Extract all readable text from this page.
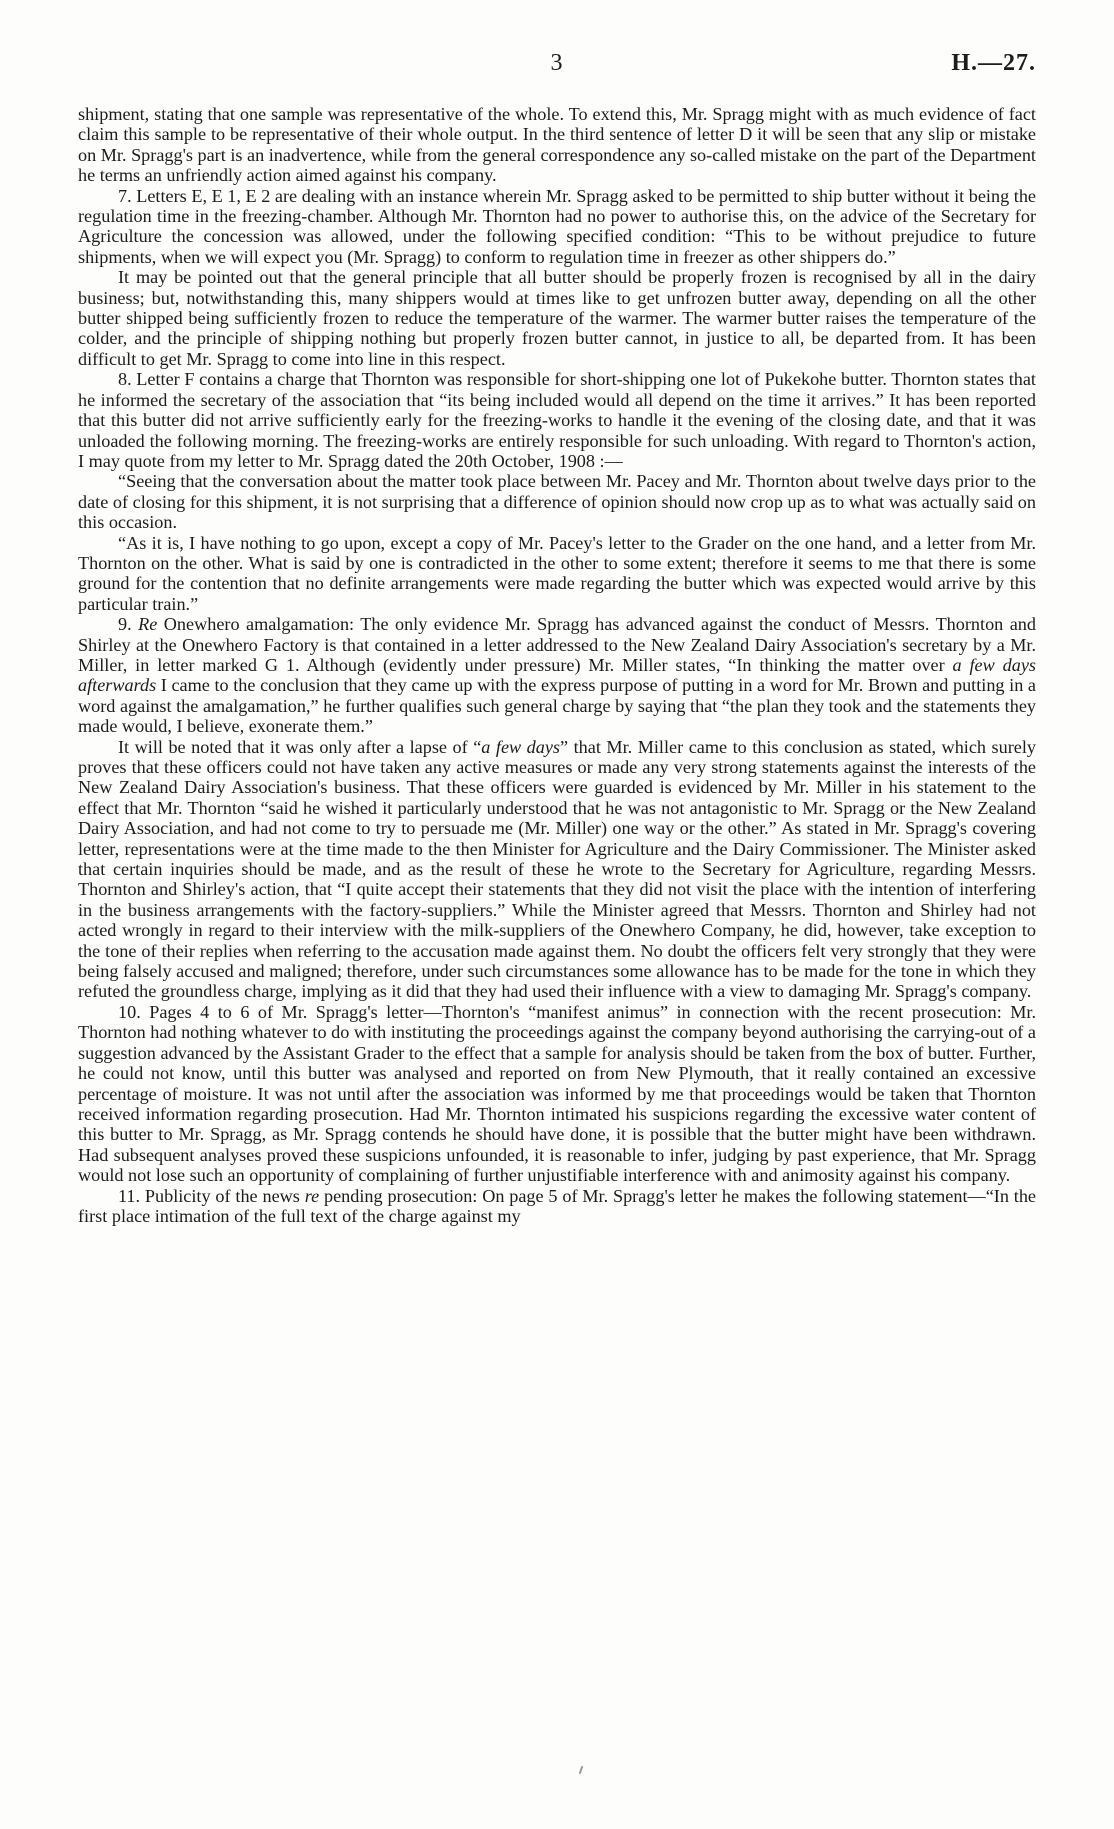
3	H.—27.

shipment, stating that one sample was representative of the whole. To extend this, Mr. Spragg might with as much evidence of fact claim this sample to be representative of their whole output. In the third sentence of letter D it will be seen that any slip or mistake on Mr. Spragg's part is an inadvertence, while from the general correspondence any so-called mistake on the part of the Department he terms an unfriendly action aimed against his company.

7. Letters E, E 1, E 2 are dealing with an instance wherein Mr. Spragg asked to be permitted to ship butter without it being the regulation time in the freezing-chamber. Although Mr. Thornton had no power to authorise this, on the advice of the Secretary for Agriculture the concession was allowed, under the following specified condition: “This to be without prejudice to future shipments, when we will expect you (Mr. Spragg) to conform to regulation time in freezer as other shippers do.”

It may be pointed out that the general principle that all butter should be properly frozen is recognised by all in the dairy business; but, notwithstanding this, many shippers would at times like to get unfrozen butter away, depending on all the other butter shipped being sufficiently frozen to reduce the temperature of the warmer. The warmer butter raises the temperature of the colder, and the principle of shipping nothing but properly frozen butter cannot, in justice to all, be departed from. It has been difficult to get Mr. Spragg to come into line in this respect.

8. Letter F contains a charge that Thornton was responsible for short-shipping one lot of Pukekohe butter. Thornton states that he informed the secretary of the association that “its being included would all depend on the time it arrives.” It has been reported that this butter did not arrive sufficiently early for the freezing-works to handle it the evening of the closing date, and that it was unloaded the following morning. The freezing-works are entirely responsible for such unloading. With regard to Thornton's action, I may quote from my letter to Mr. Spragg dated the 20th October, 1908 :—

“Seeing that the conversation about the matter took place between Mr. Pacey and Mr. Thornton about twelve days prior to the date of closing for this shipment, it is not surprising that a difference of opinion should now crop up as to what was actually said on this occasion.

“As it is, I have nothing to go upon, except a copy of Mr. Pacey's letter to the Grader on the one hand, and a letter from Mr. Thornton on the other. What is said by one is contradicted in the other to some extent; therefore it seems to me that there is some ground for the contention that no definite arrangements were made regarding the butter which was expected would arrive by this particular train.”

9. Re Onewhero amalgamation: The only evidence Mr. Spragg has advanced against the conduct of Messrs. Thornton and Shirley at the Onewhero Factory is that contained in a letter addressed to the New Zealand Dairy Association's secretary by a Mr. Miller, in letter marked G 1. Although (evidently under pressure) Mr. Miller states, “In thinking the matter over a few days afterwards I came to the conclusion that they came up with the express purpose of putting in a word for Mr. Brown and putting in a word against the amalgamation,” he further qualifies such general charge by saying that “the plan they took and the statements they made would, I believe, exonerate them.”

It will be noted that it was only after a lapse of “a few days” that Mr. Miller came to this conclusion as stated, which surely proves that these officers could not have taken any active measures or made any very strong statements against the interests of the New Zealand Dairy Association's business. That these officers were guarded is evidenced by Mr. Miller in his statement to the effect that Mr. Thornton “said he wished it particularly understood that he was not antagonistic to Mr. Spragg or the New Zealand Dairy Association, and had not come to try to persuade me (Mr. Miller) one way or the other.” As stated in Mr. Spragg's covering letter, representations were at the time made to the then Minister for Agriculture and the Dairy Commissioner. The Minister asked that certain inquiries should be made, and as the result of these he wrote to the Secretary for Agriculture, regarding Messrs. Thornton and Shirley's action, that “I quite accept their statements that they did not visit the place with the intention of interfering in the business arrangements with the factory-suppliers.” While the Minister agreed that Messrs. Thornton and Shirley had not acted wrongly in regard to their interview with the milk-suppliers of the Onewhero Company, he did, however, take exception to the tone of their replies when referring to the accusation made against them. No doubt the officers felt very strongly that they were being falsely accused and maligned; therefore, under such circumstances some allowance has to be made for the tone in which they refuted the groundless charge, implying as it did that they had used their influence with a view to damaging Mr. Spragg's company.

10. Pages 4 to 6 of Mr. Spragg's letter—Thornton's “manifest animus” in connection with the recent prosecution: Mr. Thornton had nothing whatever to do with instituting the proceedings against the company beyond authorising the carrying-out of a suggestion advanced by the Assistant Grader to the effect that a sample for analysis should be taken from the box of butter. Further, he could not know, until this butter was analysed and reported on from New Plymouth, that it really contained an excessive percentage of moisture. It was not until after the association was informed by me that proceedings would be taken that Thornton received information regarding prosecution. Had Mr. Thornton intimated his suspicions regarding the excessive water content of this butter to Mr. Spragg, as Mr. Spragg contends he should have done, it is possible that the butter might have been withdrawn. Had subsequent analyses proved these suspicions unfounded, it is reasonable to infer, judging by past experience, that Mr. Spragg would not lose such an opportunity of complaining of further unjustifiable interference with and animosity against his company.

11. Publicity of the news re pending prosecution: On page 5 of Mr. Spragg's letter he makes the following statement—“In the first place intimation of the full text of the charge against my
